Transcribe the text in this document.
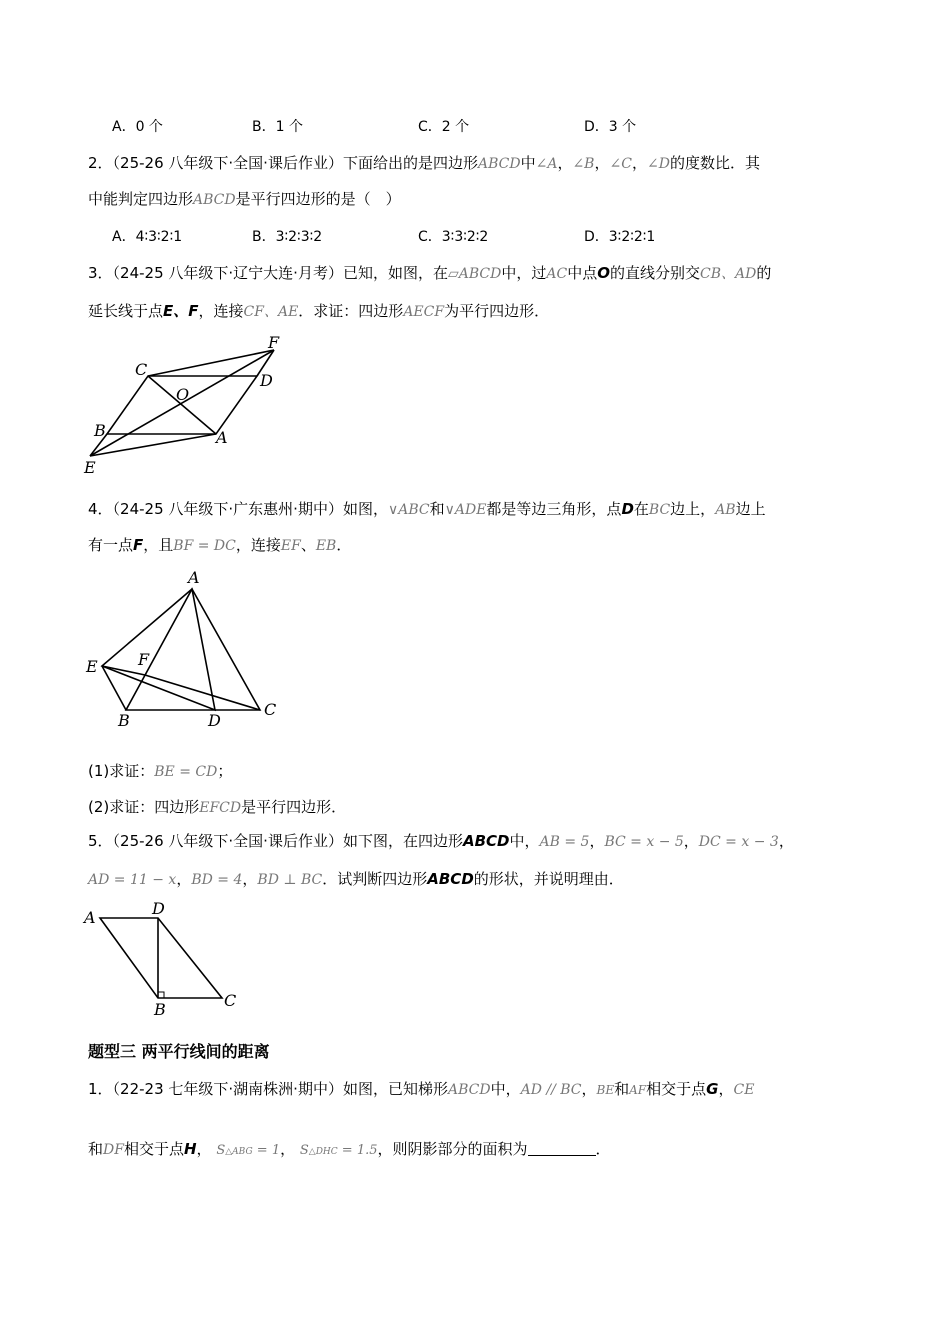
A．0 个	B．1 个	C．2 个	D．3 个
2．（25-26 八年级下·全国·课后作业）下面给出的是四边形ABCD中∠A，∠B，∠C，∠D的度数比．其
中能判定四边形ABCD是平行四边形的是（　）
A．4∶3∶2∶1	B．3∶2∶3∶2	C．3∶3∶2∶2	D．3∶2∶2∶1
3．（24-25 八年级下·辽宁大连·月考）已知，如图，在▱ABCD中，过AC中点O的直线分别交CB、AD的
延长线于点E、F，连接CF、AE．求证：四边形AECF为平行四边形．
C
D
F
O
B	A
E
4．（24-25 八年级下·广东惠州·期中）如图，∨ABC和∨ADE都是等边三角形，点D在BC边上，AB边上
有一点F，且BF = DC，连接EF、EB．
A
E	F
B	D
C
(1)求证：BE = CD；
(2)求证：四边形EFCD是平行四边形．
5．（25-26 八年级下·全国·课后作业）如下图，在四边形ABCD中，AB = 5，BC = x − 5，DC = x − 3，
AD = 11 − x，BD = 4，BD ⊥ BC．试判断四边形ABCD的形状，并说明理由．
A	D
B	C
题型三 两平行线间的距离
1．（22-23 七年级下·湖南株洲·期中）如图，已知梯形ABCD中，AD // BC，BE和AF相交于点G，CE
和DF相交于点H， S△ABG = 1， S△DHC = 1.5，则阴影部分的面积为	．
